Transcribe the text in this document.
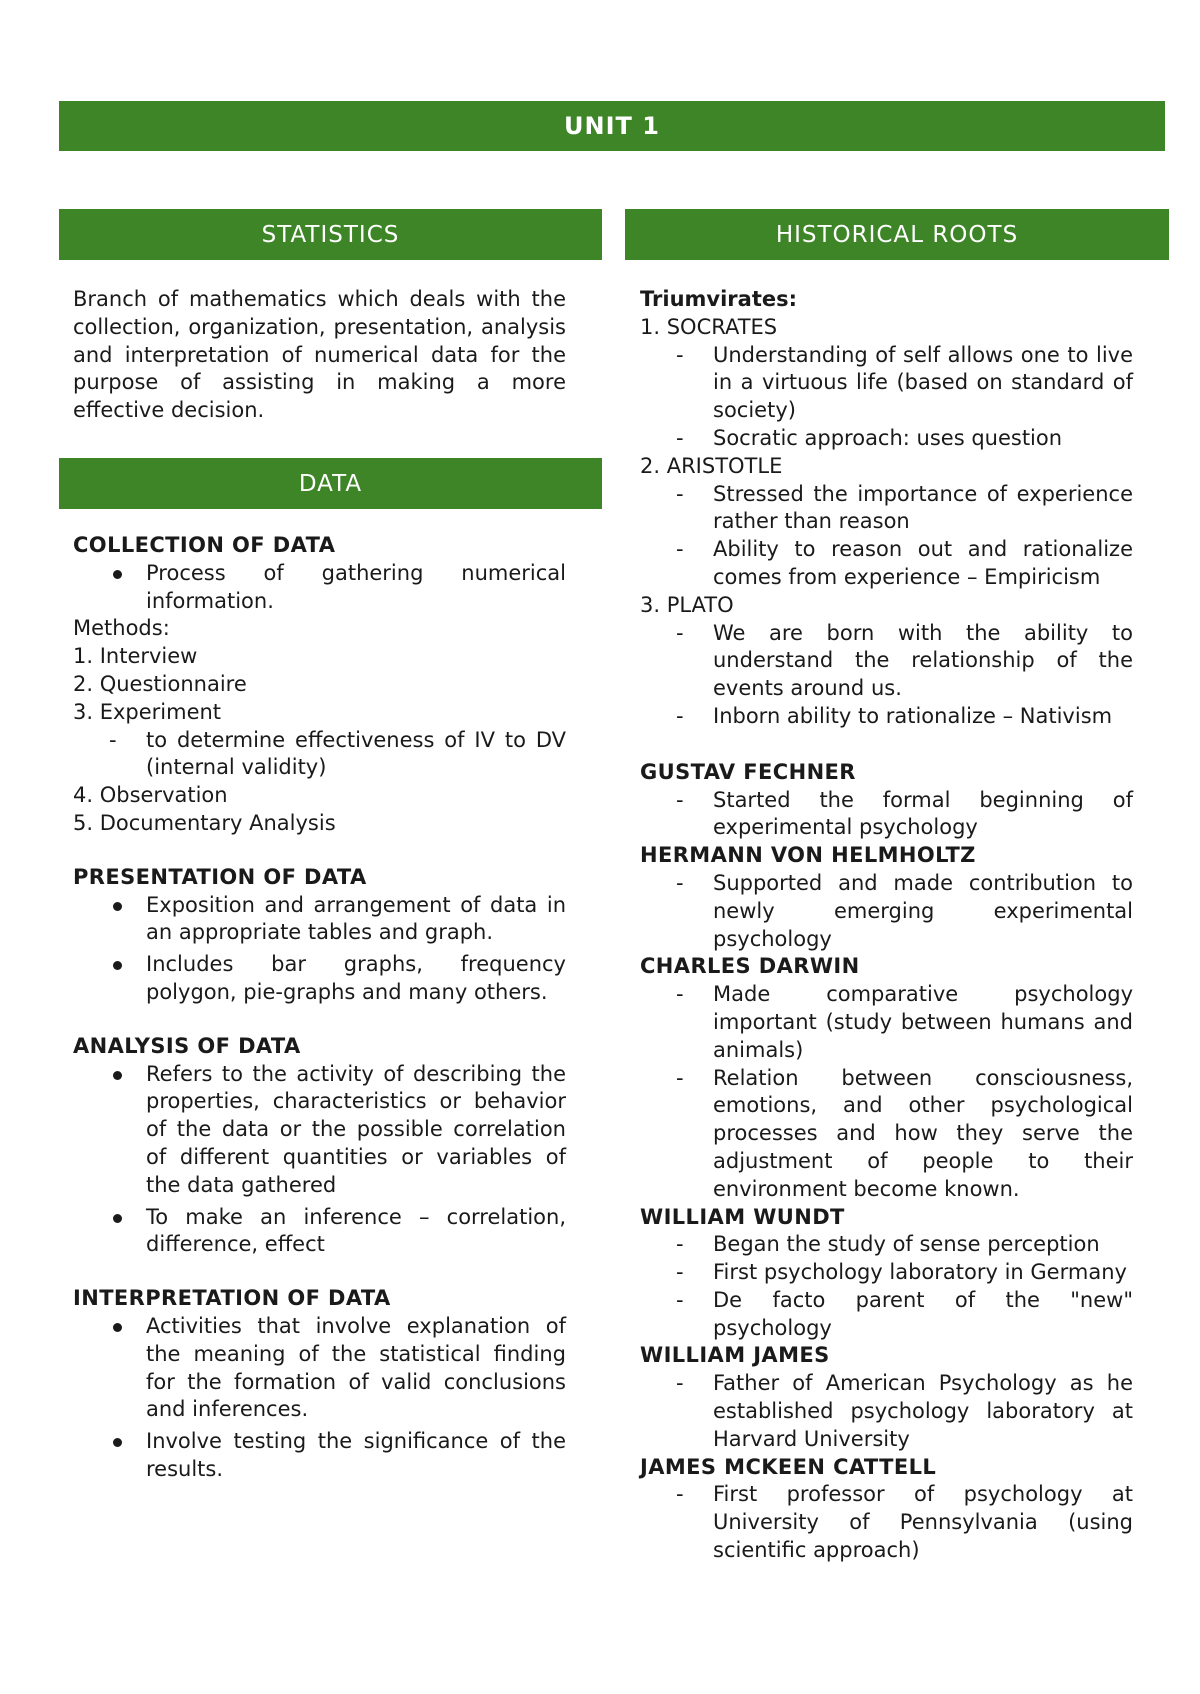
UNIT 1
STATISTICS	HISTORICAL ROOTS
DATA

Branch of mathematics which deals with the collection, organization, presentation, analysis and interpretation of numerical data for the purpose of assisting in making a more effective decision.

COLLECTION OF DATA

Process of gathering numerical information.

Methods:

1. Interview

2. Questionnaire

3. Experiment

- to determine effectiveness of IV to DV (internal validity)

4. Observation

5. Documentary Analysis

PRESENTATION OF DATA

Exposition and arrangement of data in an appropriate tables and graph.
Includes bar graphs, frequency polygon, pie-graphs and many others.

ANALYSIS OF DATA

Refers to the activity of describing the properties, characteristics or behavior of the data or the possible correlation of different quantities or variables of the data gathered
To make an inference – correlation, difference, effect

INTERPRETATION OF DATA

Activities that involve explanation of the meaning of the statistical finding for the formation of valid conclusions and inferences.
Involve testing the significance of the results.

Triumvirates:

1. SOCRATES

- Understanding of self allows one to live in a virtuous life (based on standard of society)
- Socratic approach: uses question

2. ARISTOTLE

- Stressed the importance of experience rather than reason
- Ability to reason out and rationalize comes from experience – Empiricism

3. PLATO

- We are born with the ability to understand the relationship of the events around us.
- Inborn ability to rationalize – Nativism

GUSTAV FECHNER

- Started the formal beginning of experimental psychology

HERMANN VON HELMHOLTZ

- Supported and made contribution to newly emerging experimental psychology

CHARLES DARWIN

- Made comparative psychology important (study between humans and animals)
- Relation between consciousness, emotions, and other psychological processes and how they serve the adjustment of people to their environment become known.

WILLIAM WUNDT

- Began the study of sense perception
- First psychology laboratory in Germany
- De facto parent of the "new" psychology

WILLIAM JAMES

- Father of American Psychology as he established psychology laboratory at Harvard University

JAMES MCKEEN CATTELL

- First professor of psychology at University of Pennsylvania (using scientific approach)
